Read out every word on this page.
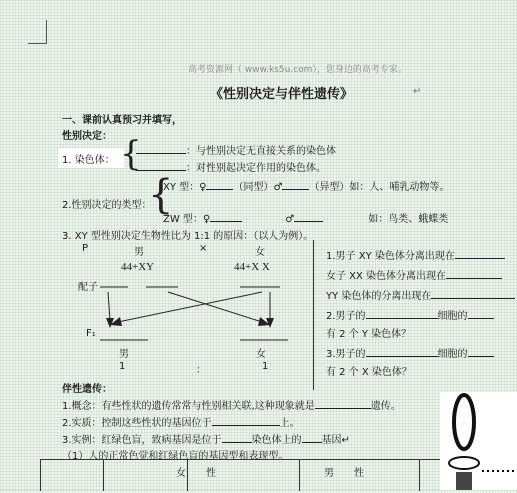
高考资源网（ www.ks5u.com），您身边的高考专家。
《性别决定与伴性遗传》	↵
一、课前认真预习并填写，
性别决定：
1. 染色体： {	：与性别决定无直接关系的染色体
：对性别起决定作用的染色体。
2.性别决定的类型：
{
XY 型：♀	（同型）♂	（异型）如：人、哺乳动物等。
ZW 型：♀	♂	如：鸟类、蛾蝶类
3. XY 型性别决定生物性比为 1:1 的原因：（以人为例）。
P	男	×	女
44+XY	44+X X
配子
F₁
男	女
1	：	1
1.男子 XY 染色体分离出现在
女子 XX 染色体分离出现在
YY 染色体的分离出现在
2.男子的	细胞的
有 2 个 Y 染色体？
3.男子的	细胞的
有 2 个 X 染色体？
伴性遗传：
1.概念：有些性状的遗传常常与性别相关联,这种现象就是	遗传。
2.实质：控制这些性状的基因位于	上。
3.实例：红绿色盲，致病基因是位于	染色体上的 基因↵
（1）人的正常色觉和红绿色盲的基因型和表现型。
女　　性	男　　性
